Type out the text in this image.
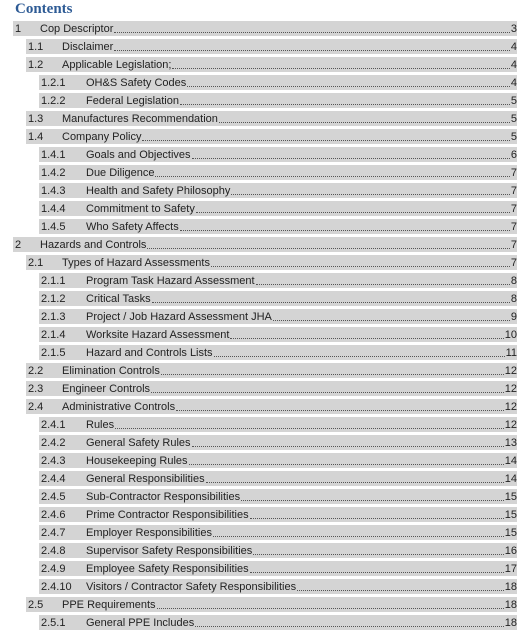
Contents
1 Cop Descriptor	3
1.1 Disclaimer	4
1.2 Applicable Legislation;	4
1.2.1 OH&S Safety Codes	4
1.2.2 Federal Legislation	5
1.3 Manufactures Recommendation	5
1.4 Company Policy	5
1.4.1 Goals and Objectives	6
1.4.2 Due Diligence	7
1.4.3 Health and Safety Philosophy	7
1.4.4 Commitment to Safety	7
1.4.5 Who Safety Affects	7
2 Hazards and Controls	7
2.1 Types of Hazard Assessments	7
2.1.1 Program Task Hazard Assessment	8
2.1.2 Critical Tasks	8
2.1.3 Project / Job Hazard Assessment JHA	9
2.1.4 Worksite Hazard Assessment	10
2.1.5 Hazard and Controls Lists	11
2.2 Elimination Controls	12
2.3 Engineer Controls	12
2.4 Administrative Controls	12
2.4.1 Rules	12
2.4.2 General Safety Rules	13
2.4.3 Housekeeping Rules	14
2.4.4 General Responsibilities	14
2.4.5 Sub-Contractor Responsibilities	15
2.4.6 Prime Contractor Responsibilities	15
2.4.7 Employer Responsibilities	15
2.4.8 Supervisor Safety Responsibilities	16
2.4.9 Employee Safety Responsibilities	17
2.4.10 Visitors / Contractor Safety Responsibilities	18
2.5 PPE Requirements	18
2.5.1 General PPE Includes	18
